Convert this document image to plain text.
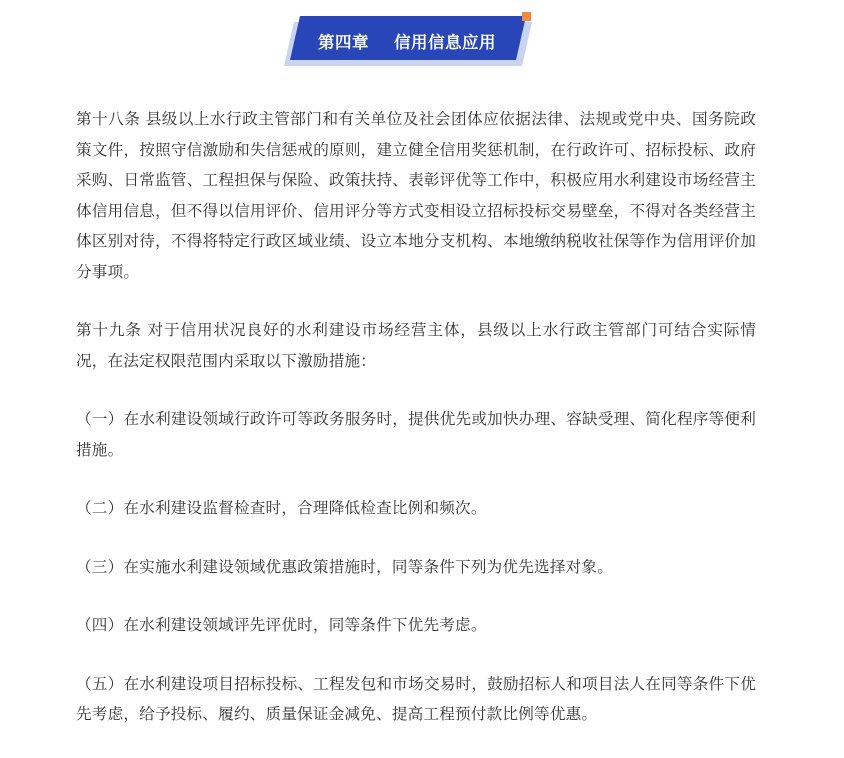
第四章    信用信息应用

第十八条 县级以上水行政主管部门和有关单位及社会团体应依据法律、法规或党中央、国务院政策文件，按照守信激励和失信惩戒的原则，建立健全信用奖惩机制，在行政许可、招标投标、政府采购、日常监管、工程担保与保险、政策扶持、表彰评优等工作中，积极应用水利建设市场经营主体信用信息，但不得以信用评价、信用评分等方式变相设立招标投标交易壁垒，不得对各类经营主体区别对待，不得将特定行政区域业绩、设立本地分支机构、本地缴纳税收社保等作为信用评价加分事项。

第十九条 对于信用状况良好的水利建设市场经营主体，县级以上水行政主管部门可结合实际情况，在法定权限范围内采取以下激励措施：

（一）在水利建设领域行政许可等政务服务时，提供优先或加快办理、容缺受理、简化程序等便利措施。

（二）在水利建设监督检查时，合理降低检查比例和频次。

（三）在实施水利建设领域优惠政策措施时，同等条件下列为优先选择对象。

（四）在水利建设领域评先评优时，同等条件下优先考虑。

（五）在水利建设项目招标投标、工程发包和市场交易时，鼓励招标人和项目法人在同等条件下优先考虑，给予投标、履约、质量保证金减免、提高工程预付款比例等优惠。
